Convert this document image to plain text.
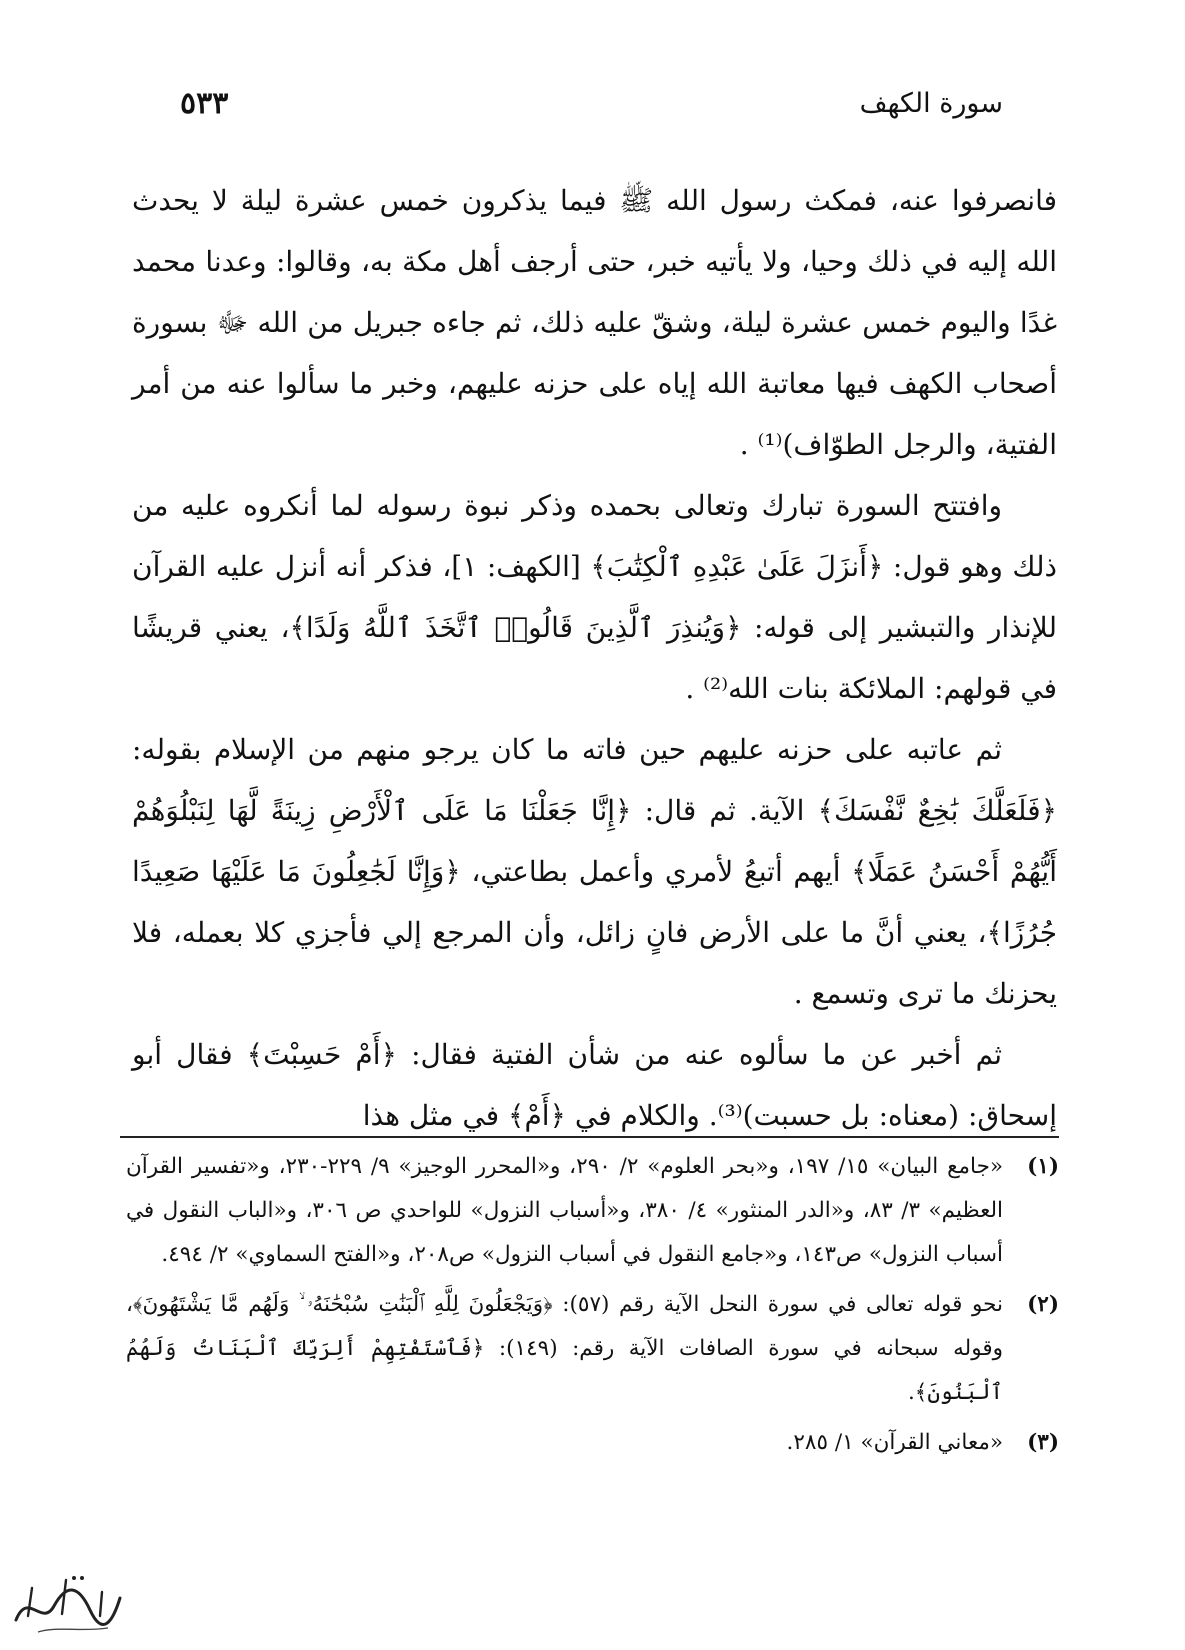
سورة الكهف
٥٣٣

فانصرفوا عنه، فمكث رسول الله ﷺ فيما يذكرون خمس عشرة ليلة لا يحدث الله إليه في ذلك وحيا، ولا يأتيه خبر، حتى أرجف أهل مكة به، وقالوا: وعدنا محمد غدًا واليوم خمس عشرة ليلة، وشقّ عليه ذلك، ثم جاءه جبريل من الله ﷻ بسورة أصحاب الكهف فيها معاتبة الله إياه على حزنه عليهم، وخبر ما سألوا عنه من أمر الفتية، والرجل الطوّاف)⁽¹⁾ .

وافتتح السورة تبارك وتعالى بحمده وذكر نبوة رسوله لما أنكروه عليه من ذلك وهو قول: ﴿أَنزَلَ عَلَىٰ عَبْدِهِ ٱلْكِتَٰبَ﴾ [الكهف: ١]، فذكر أنه أنزل عليه القرآن للإنذار والتبشير إلى قوله: ﴿وَيُنذِرَ ٱلَّذِينَ قَالُوا۟ ٱتَّخَذَ ٱللَّهُ وَلَدًا﴾، يعني قريشًا في قولهم: الملائكة بنات الله⁽²⁾ .

ثم عاتبه على حزنه عليهم حين فاته ما كان يرجو منهم من الإسلام بقوله: ﴿فَلَعَلَّكَ بَٰخِعٌ نَّفْسَكَ﴾ الآية. ثم قال: ﴿إِنَّا جَعَلْنَا مَا عَلَى ٱلْأَرْضِ زِينَةً لَّهَا لِنَبْلُوَهُمْ أَيُّهُمْ أَحْسَنُ عَمَلًا﴾ أيهم أتبعُ لأمري وأعمل بطاعتي، ﴿وَإِنَّا لَجَٰعِلُونَ مَا عَلَيْهَا صَعِيدًا جُرُزًا﴾، يعني أنَّ ما على الأرض فانٍ زائل، وأن المرجع إلي فأجزي كلا بعمله، فلا يحزنك ما ترى وتسمع .

ثم أخبر عن ما سألوه عنه من شأن الفتية فقال: ﴿أَمْ حَسِبْتَ﴾ فقال أبو إسحاق: (معناه: بل حسبت)⁽³⁾. والكلام في ﴿أَمْ﴾ في مثل هذا

(١)
«جامع البيان» ١٥/ ١٩٧، و«بحر العلوم» ٢/ ٢٩٠، و«المحرر الوجيز» ٩/ ٢٢٩-٢٣٠، و«تفسير القرآن العظيم» ٣/ ٨٣، و«الدر المنثور» ٤/ ٣٨٠، و«أسباب النزول» للواحدي ص ٣٠٦، و«الباب النقول في أسباب النزول» ص١٤٣، و«جامع النقول في أسباب النزول» ص٢٠٨، و«الفتح السماوي» ٢/ ٤٩٤.
(٢)
نحو قوله تعالى في سورة النحل الآية رقم (٥٧): ﴿وَيَجْعَلُونَ لِلَّهِ ٱلْبَنَٰتِ سُبْحَٰنَهُۥ ۙ وَلَهُم مَّا يَشْتَهُونَ﴾، وقوله سبحانه في سورة الصافات الآية رقم: (١٤٩): ﴿فَٱسْتَفْتِهِمْ أَلِرَبِّكَ ٱلْبَنَاتُ وَلَهُمُ ٱلْبَنُونَ﴾.
(٣)
«معاني القرآن» ١/ ٢٨٥.
